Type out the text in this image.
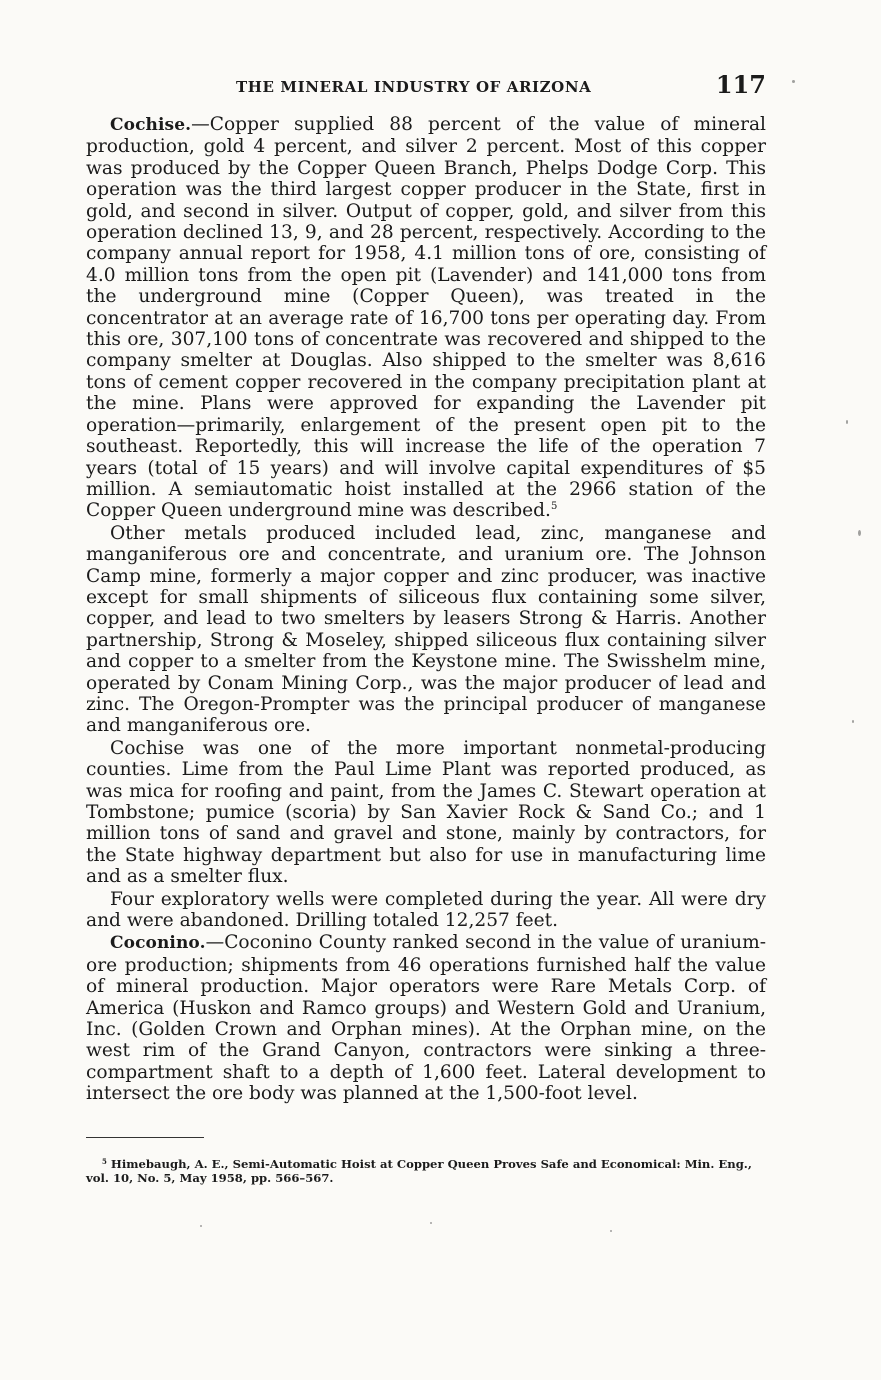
THE MINERAL INDUSTRY OF ARIZONA	117

Cochise.—Copper supplied 88 percent of the value of mineral production, gold 4 percent, and silver 2 percent. Most of this copper was produced by the Copper Queen Branch, Phelps Dodge Corp. This operation was the third largest copper producer in the State, first in gold, and second in silver. Output of copper, gold, and silver from this operation declined 13, 9, and 28 percent, respectively. According to the company annual report for 1958, 4.1 million tons of ore, consisting of 4.0 million tons from the open pit (Lavender) and 141,000 tons from the underground mine (Copper Queen), was treated in the concentrator at an average rate of 16,700 tons per operating day. From this ore, 307,100 tons of concentrate was recovered and shipped to the company smelter at Douglas. Also shipped to the smelter was 8,616 tons of cement copper recovered in the company precipitation plant at the mine. Plans were approved for expanding the Lavender pit operation—primarily, enlargement of the present open pit to the southeast. Reportedly, this will increase the life of the operation 7 years (total of 15 years) and will involve capital expenditures of $5 million. A semiautomatic hoist installed at the 2966 station of the Copper Queen underground mine was described.$^5$

Other metals produced included lead, zinc, manganese and manganiferous ore and concentrate, and uranium ore. The Johnson Camp mine, formerly a major copper and zinc producer, was inactive except for small shipments of siliceous flux containing some silver, copper, and lead to two smelters by leasers Strong & Harris. Another partnership, Strong & Moseley, shipped siliceous flux containing silver and copper to a smelter from the Keystone mine. The Swisshelm mine, operated by Conam Mining Corp., was the major producer of lead and zinc. The Oregon-Prompter was the principal producer of manganese and manganiferous ore.

Cochise was one of the more important nonmetal-producing counties. Lime from the Paul Lime Plant was reported produced, as was mica for roofing and paint, from the James C. Stewart operation at Tombstone; pumice (scoria) by San Xavier Rock & Sand Co.; and 1 million tons of sand and gravel and stone, mainly by contractors, for the State highway department but also for use in manufacturing lime and as a smelter flux.

Four exploratory wells were completed during the year. All were dry and were abandoned. Drilling totaled 12,257 feet.

Coconino.—Coconino County ranked second in the value of uranium-ore production; shipments from 46 operations furnished half the value of mineral production. Major operators were Rare Metals Corp. of America (Huskon and Ramco groups) and Western Gold and Uranium, Inc. (Golden Crown and Orphan mines). At the Orphan mine, on the west rim of the Grand Canyon, contractors were sinking a three-compartment shaft to a depth of 1,600 feet. Lateral development to intersect the ore body was planned at the 1,500-foot level.

$^5$ Himebaugh, A. E., Semi-Automatic Hoist at Copper Queen Proves Safe and Economical: Min. Eng., vol. 10, No. 5, May 1958, pp. 566–567.
